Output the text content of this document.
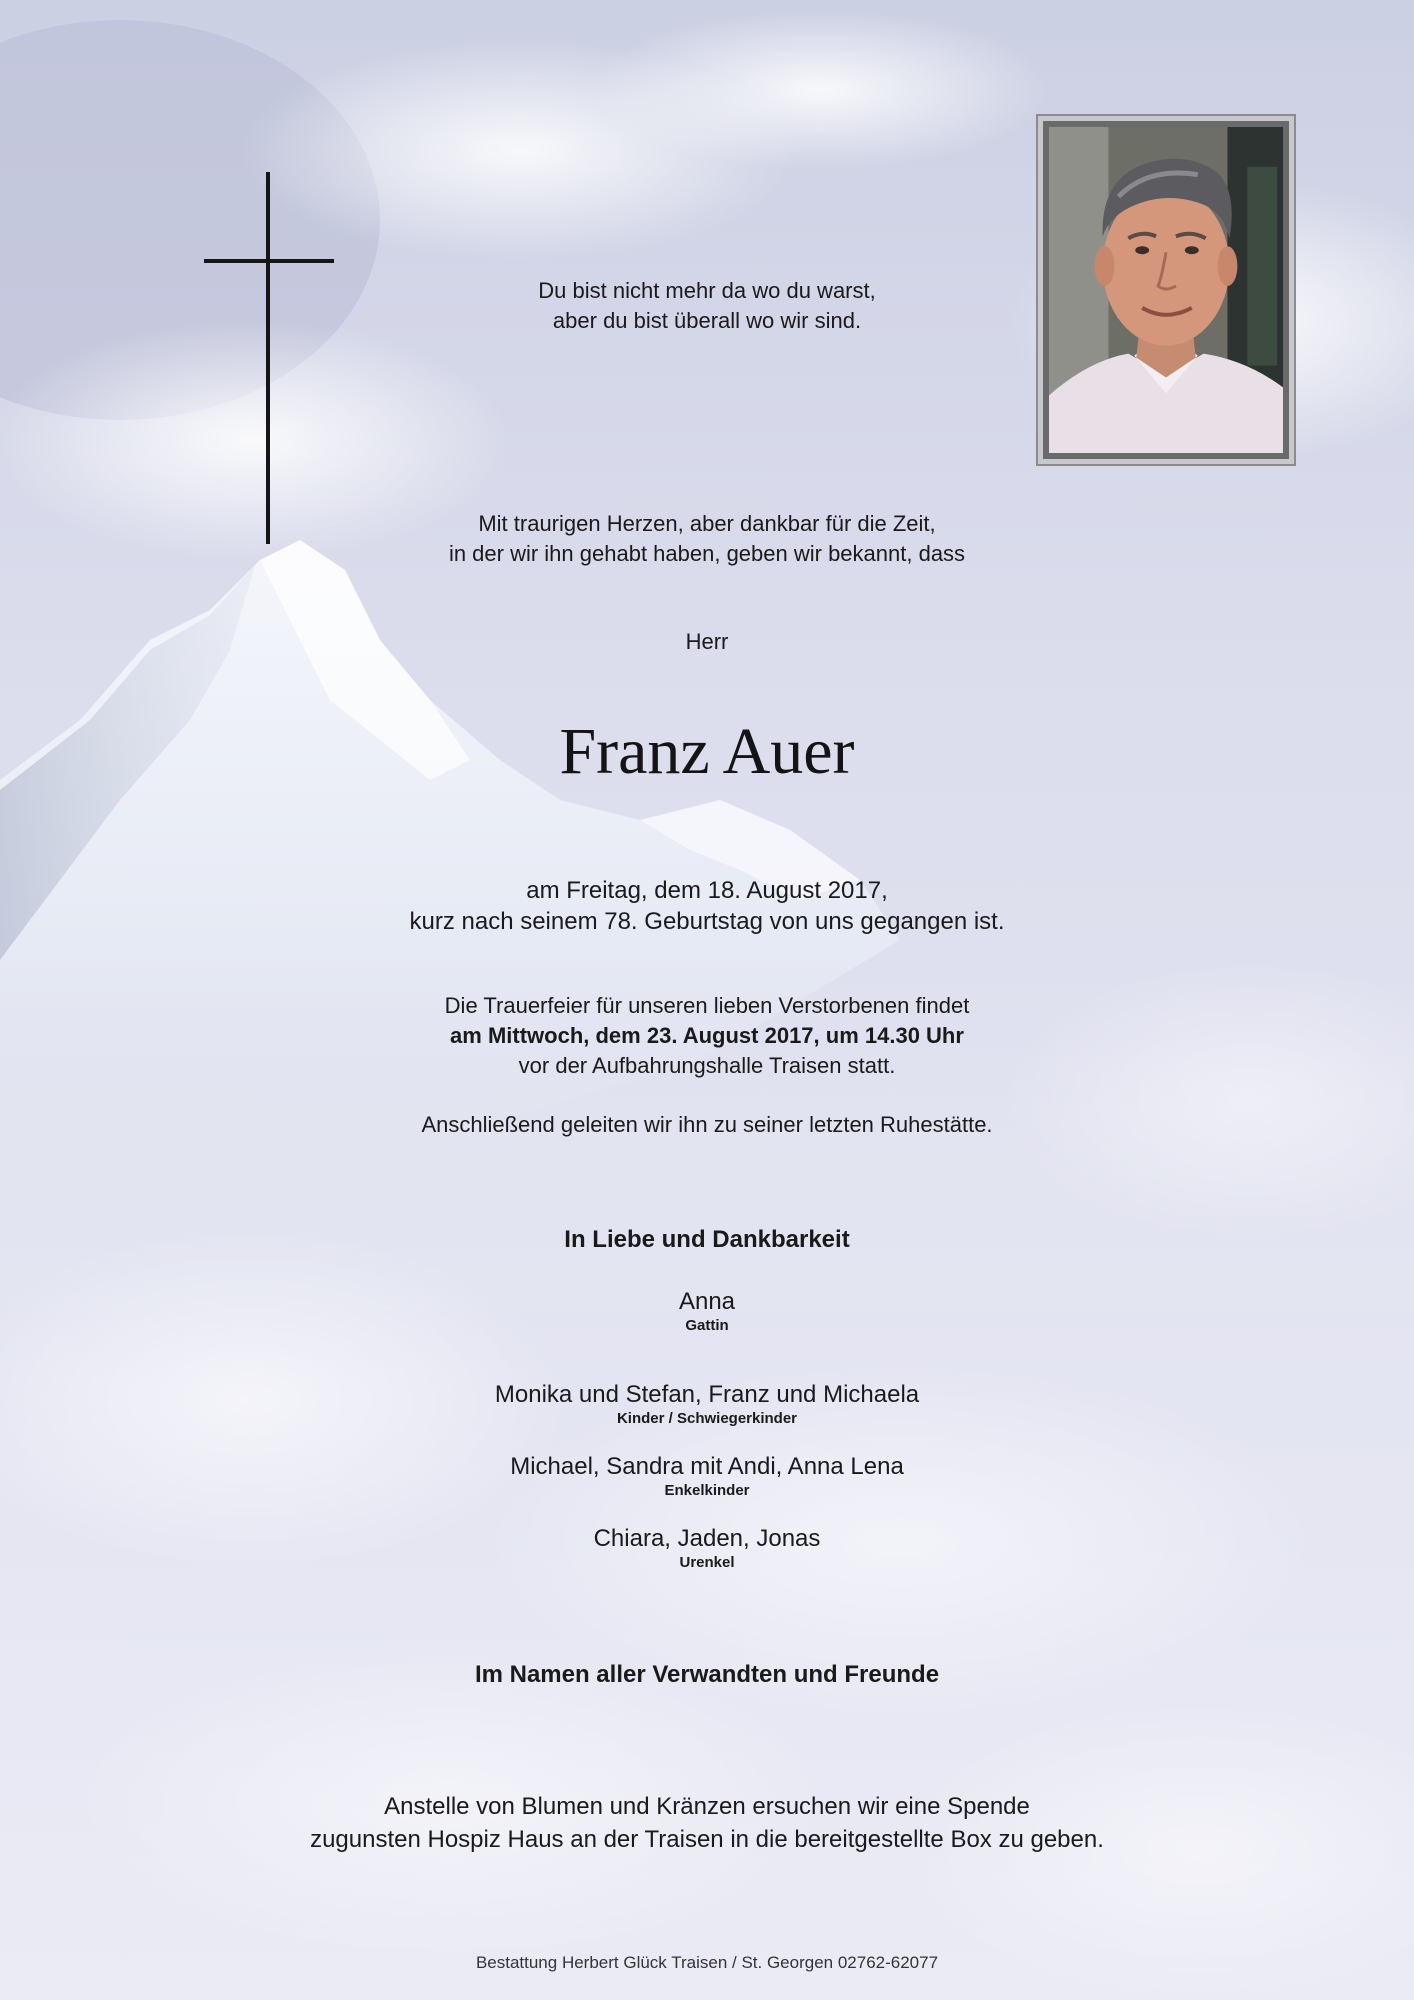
Du bist nicht mehr da wo du warst,
aber du bist überall wo wir sind.
Mit traurigen Herzen, aber dankbar für die Zeit,
in der wir ihn gehabt haben, geben wir bekannt, dass
Herr
Franz Auer
am Freitag, dem 18. August 2017,
kurz nach seinem 78. Geburtstag von uns gegangen ist.
Die Trauerfeier für unseren lieben Verstorbenen findet
am Mittwoch, dem 23. August 2017, um 14.30 Uhr
vor der Aufbahrungshalle Traisen statt.
Anschließend geleiten wir ihn zu seiner letzten Ruhestätte.
In Liebe und Dankbarkeit
Anna
Gattin
Monika und Stefan, Franz und Michaela
Kinder / Schwiegerkinder
Michael, Sandra mit Andi, Anna Lena
Enkelkinder
Chiara, Jaden, Jonas
Urenkel
Im Namen aller Verwandten und Freunde
Anstelle von Blumen und Kränzen ersuchen wir eine Spende
zugunsten Hospiz Haus an der Traisen in die bereitgestellte Box zu geben.
Bestattung Herbert Glück Traisen / St. Georgen 02762-62077
